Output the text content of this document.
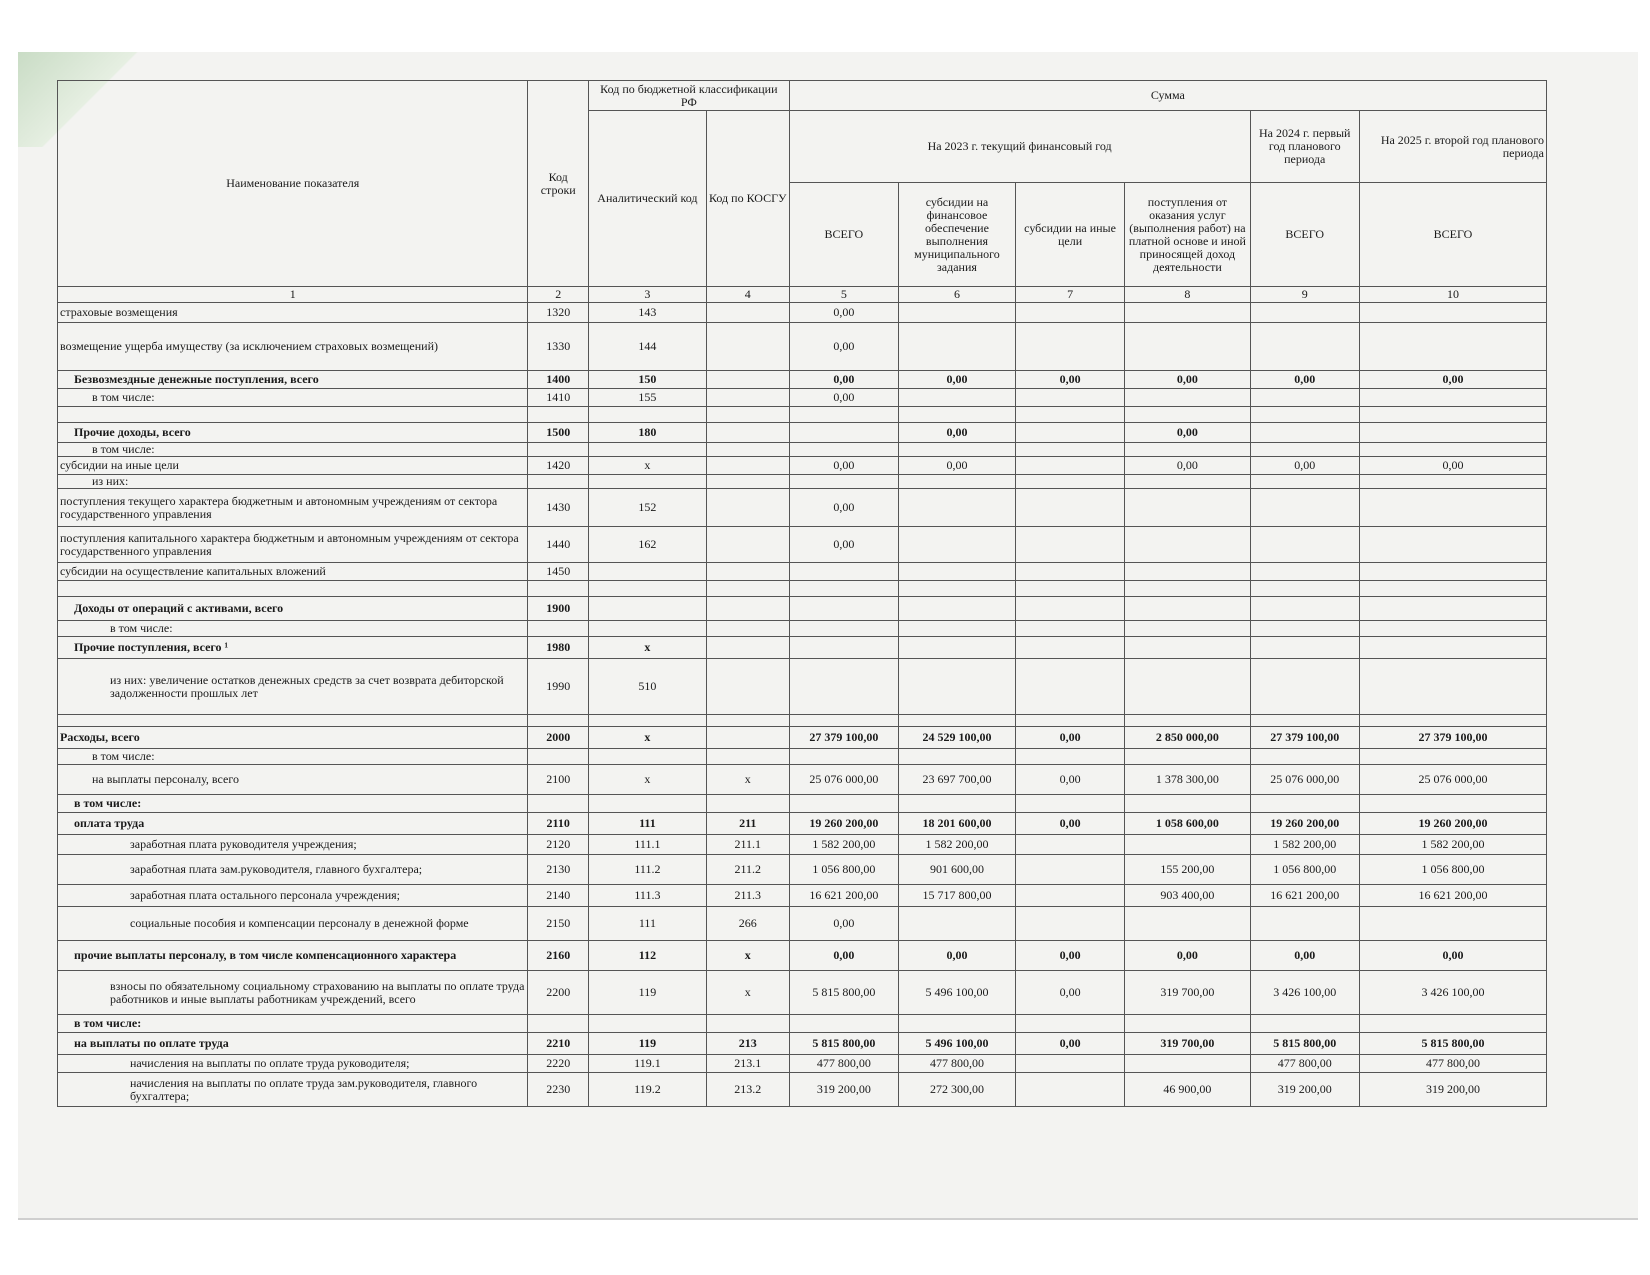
Наименование показателя	Код строки	Код по бюджетной классификации РФ		Сумма					
		Аналитический код	Код по КОСГУ	На 2023 г. текущий финансовый год				На 2024 г. первый год планового периода	На 2025 г. второй год планового периода
				ВСЕГО	субсидии на финансовое обеспечение выполнения муниципального задания	субсидии на иные цели	поступления от оказания услуг (выполнения работ) на платной основе и иной приносящей доход деятельности	ВСЕГО	ВСЕГО
1	2	3	4	5	6	7	8	9	10
страховые возмещения	1320	143		0,00					
возмещение ущерба имуществу (за исключением страховых возмещений)	1330	144		0,00					
Безвозмездные денежные поступления, всего	1400	150		0,00	0,00	0,00	0,00	0,00	0,00
в том числе:	1410	155		0,00					

Прочие доходы, всего	1500	180			0,00		0,00		
в том числе:									
субсидии на иные цели	1420	x		0,00	0,00		0,00	0,00	0,00
из них:									
поступления текущего характера бюджетным и автономным учреждениям от сектора государственного управления	1430	152		0,00					
поступления капитального характера бюджетным и автономным учреждениям от сектора государственного управления	1440	162		0,00					
субсидии на осуществление капитальных вложений	1450								

Доходы от операций с активами, всего	1900								
в том числе:									
Прочие поступления, всего ¹	1980	x							
из них: увеличение остатков денежных средств за счет возврата дебиторской задолженности прошлых лет	1990	510							

Расходы, всего	2000	x		27 379 100,00	24 529 100,00	0,00	2 850 000,00	27 379 100,00	27 379 100,00
в том числе:									
на выплаты персоналу, всего	2100	x	x	25 076 000,00	23 697 700,00	0,00	1 378 300,00	25 076 000,00	25 076 000,00
в том числе:									
оплата труда	2110	111	211	19 260 200,00	18 201 600,00	0,00	1 058 600,00	19 260 200,00	19 260 200,00
заработная плата руководителя учреждения;	2120	111.1	211.1	1 582 200,00	1 582 200,00			1 582 200,00	1 582 200,00
заработная плата зам.руководителя, главного бухгалтера;	2130	111.2	211.2	1 056 800,00	901 600,00		155 200,00	1 056 800,00	1 056 800,00
заработная плата остального персонала учреждения;	2140	111.3	211.3	16 621 200,00	15 717 800,00		903 400,00	16 621 200,00	16 621 200,00
социальные пособия и компенсации персоналу в денежной форме	2150	111	266	0,00					
прочие выплаты персоналу, в том числе компенсационного характера	2160	112	x	0,00	0,00	0,00	0,00	0,00	0,00
взносы по обязательному социальному страхованию на выплаты по оплате труда работников и иные выплаты работникам учреждений, всего	2200	119	x	5 815 800,00	5 496 100,00	0,00	319 700,00	3 426 100,00	3 426 100,00
в том числе:									
на выплаты по оплате труда	2210	119	213	5 815 800,00	5 496 100,00	0,00	319 700,00	5 815 800,00	5 815 800,00
начисления на выплаты по оплате труда руководителя;	2220	119.1	213.1	477 800,00	477 800,00			477 800,00	477 800,00
начисления на выплаты по оплате труда зам.руководителя, главного бухгалтера;	2230	119.2	213.2	319 200,00	272 300,00		46 900,00	319 200,00	319 200,00
